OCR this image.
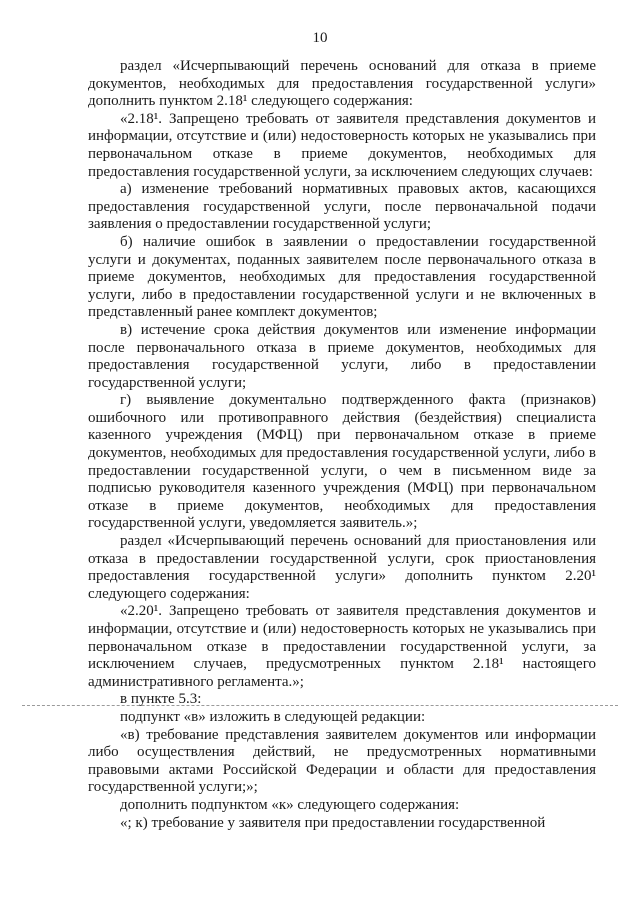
10

раздел «Исчерпывающий перечень оснований для отказа в приеме документов, необходимых для предоставления государственной услуги» дополнить пунктом 2.18¹ следующего содержания:

«2.18¹. Запрещено требовать от заявителя представления документов и информации, отсутствие и (или) недостоверность которых не указывались при первоначальном отказе в приеме документов, необходимых для предоставления государственной услуги, за исключением следующих случаев:

а) изменение требований нормативных правовых актов, касающихся предоставления государственной услуги, после первоначальной подачи заявления о предоставлении государственной услуги;

б) наличие ошибок в заявлении о предоставлении государственной услуги и документах, поданных заявителем после первоначального отказа в приеме документов, необходимых для предоставления государственной услуги, либо в предоставлении государственной услуги и не включенных в представленный ранее комплект документов;

в) истечение срока действия документов или изменение информации после первоначального отказа в приеме документов, необходимых для предоставления государственной услуги, либо в предоставлении государственной услуги;

г) выявление документально подтвержденного факта (признаков) ошибочного или противоправного действия (бездействия) специалиста казенного учреждения (МФЦ) при первоначальном отказе в приеме документов, необходимых для предоставления государственной услуги, либо в предоставлении государственной услуги, о чем в письменном виде за подписью руководителя казенного учреждения (МФЦ) при первоначальном отказе в приеме документов, необходимых для предоставления государственной услуги, уведомляется заявитель.»;

раздел «Исчерпывающий перечень оснований для приостановления или отказа в предоставлении государственной услуги, срок приостановления предоставления государственной услуги» дополнить пунктом 2.20¹ следующего содержания:

«2.20¹. Запрещено требовать от заявителя представления документов и информации, отсутствие и (или) недостоверность которых не указывались при первоначальном отказе в предоставлении государственной услуги, за исключением случаев, предусмотренных пунктом 2.18¹ настоящего административного регламента.»;

в пункте 5.3:

подпункт «в» изложить в следующей редакции:

«в) требование представления заявителем документов или информации либо осуществления действий, не предусмотренных нормативными правовыми актами Российской Федерации и области для предоставления государственной услуги;»;

дополнить подпунктом «к» следующего содержания:

«; к) требование у заявителя при предоставлении государственной
